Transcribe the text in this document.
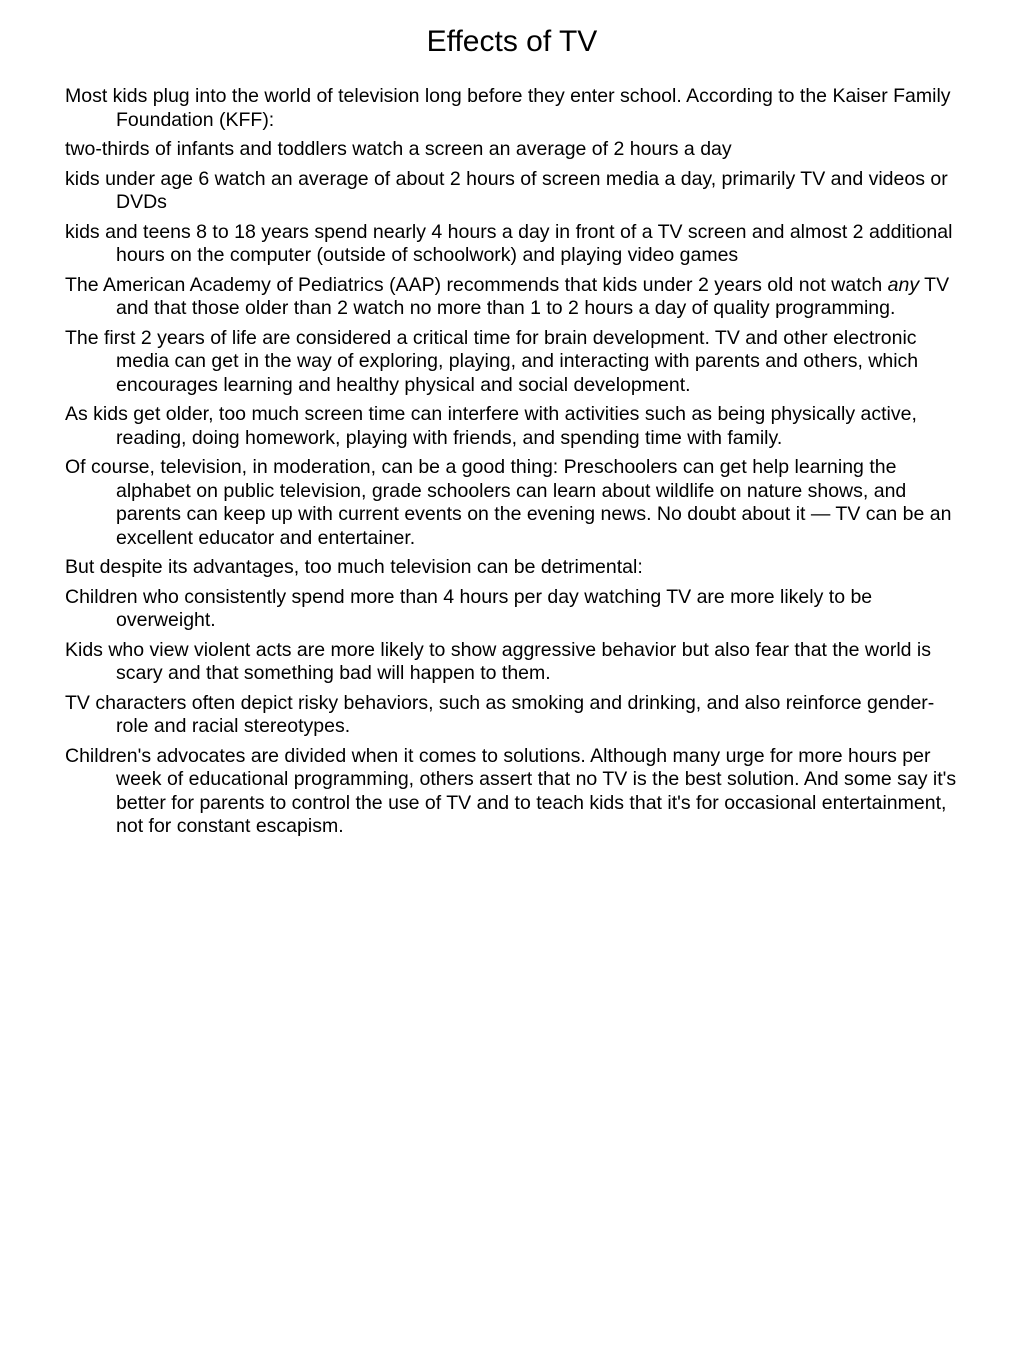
Effects of TV
Most kids plug into the world of television long before they enter school. According to the Kaiser Family Foundation (KFF):
two-thirds of infants and toddlers watch a screen an average of 2 hours a day
kids under age 6 watch an average of about 2 hours of screen media a day, primarily TV and videos or DVDs
kids and teens 8 to 18 years spend nearly 4 hours a day in front of a TV screen and almost 2 additional hours on the computer (outside of schoolwork) and playing video games
The American Academy of Pediatrics (AAP) recommends that kids under 2 years old not watch any TV and that those older than 2 watch no more than 1 to 2 hours a day of quality programming.
The first 2 years of life are considered a critical time for brain development. TV and other electronic media can get in the way of exploring, playing, and interacting with parents and others, which encourages learning and healthy physical and social development.
As kids get older, too much screen time can interfere with activities such as being physically active, reading, doing homework, playing with friends, and spending time with family.
Of course, television, in moderation, can be a good thing: Preschoolers can get help learning the alphabet on public television, grade schoolers can learn about wildlife on nature shows, and parents can keep up with current events on the evening news. No doubt about it — TV can be an excellent educator and entertainer.
But despite its advantages, too much television can be detrimental:
Children who consistently spend more than 4 hours per day watching TV are more likely to be overweight.
Kids who view violent acts are more likely to show aggressive behavior but also fear that the world is scary and that something bad will happen to them.
TV characters often depict risky behaviors, such as smoking and drinking, and also reinforce gender-role and racial stereotypes.
Children's advocates are divided when it comes to solutions. Although many urge for more hours per week of educational programming, others assert that no TV is the best solution. And some say it's better for parents to control the use of TV and to teach kids that it's for occasional entertainment, not for constant escapism.
